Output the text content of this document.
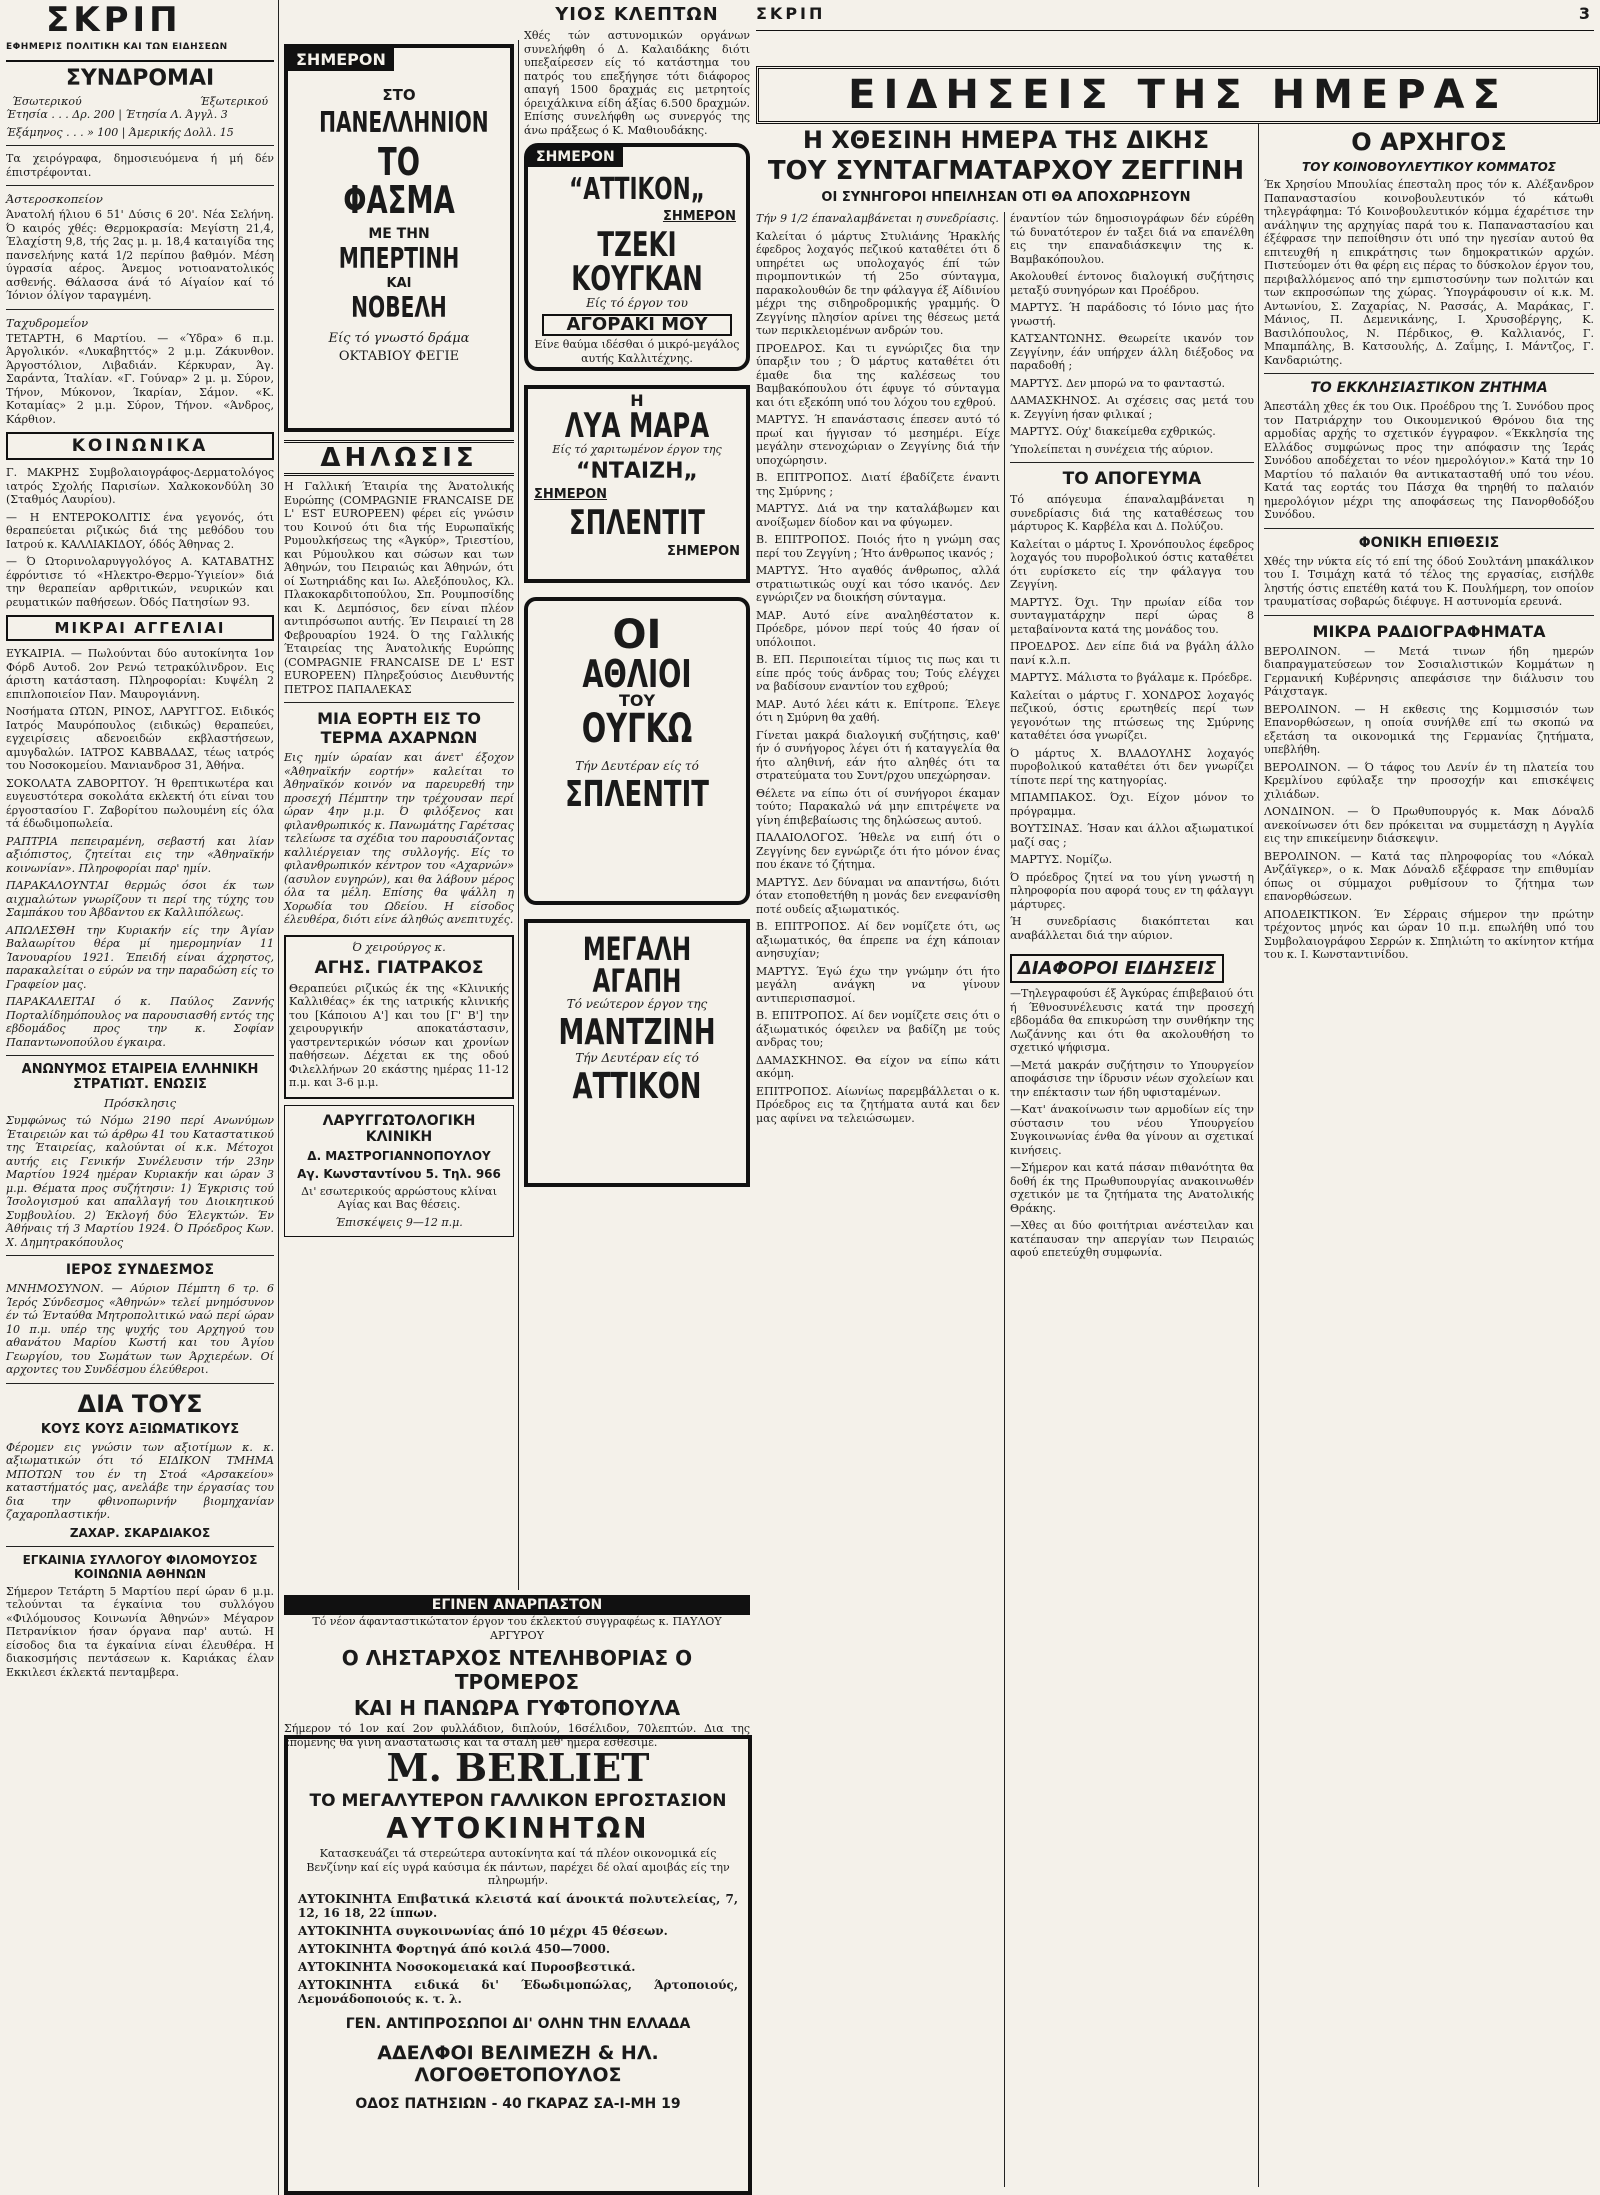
ΣΚΡΙΠ
ΕΦΗΜΕΡΙΣ ΠΟΛΙΤΙΚΗ ΚΑΙ ΤΩΝ ΕΙΔΗΣΕΩΝ
ΣΥΝΔΡΟΜΑΙ
Έσωτερικού	Έξωτερικού
Έτησία . . . Δρ. 200 | Έτησία Λ. Άγγλ. 3
Έξάμηνος . . . » 100 | Άμερικής Δολλ. 15
Τα χειρόγραφα, δημοσιευόμενα ή μή δέν έπιστρέφονται.
Άστεροσκοπείον
Άνατολή ήλιου 6 51' Δύσις 6 20'. Νέα Σελήνη. Ό καιρός χθές: Θερμοκρασία: Μεγίστη 21,4, Έλαχίστη 9,8, τής 2ας μ. μ. 18,4 καταιγίδα της πανσελήνης κατά 1/2 περίπου βαθμόν. Μέση ύγρασία αέρος. Άνεμος νοτιοανατολικός ασθενής. Θάλασσα άνά τό Αίγαίον καί τό Ίόνιον όλίγον ταραγμένη.
Ταχυδρομεΐον
ΤΕΤΑΡΤΗ, 6 Μαρτίου. — «Ύδρα» 6 π.μ. Άργολικόν. «Λυκαβηττός» 2 μ.μ. Ζάκυνθον. Άργοστόλιον, Λιβαδιάν. Κέρκυραν, Άγ. Σαράντα, Ίταλίαν. «Γ. Γούναρ» 2 μ. μ. Σύρον, Τήνον, Μύκονον, Ίκαρίαν, Σάμον. «Κ. Κοταμίας» 2 μ.μ. Σύρον, Τήνον. «Άνδρος, Κάρθιον.
ΚΟΙΝΩΝΙΚΑ
Γ. ΜΑΚΡΗΣ Συμβολαιογράφος-Δερματολόγος ιατρός Σχολής Παρισίων. Χαλκοκονδύλη 30 (Σταθμός Λαυρίου).
— Η ΕΝΤΕΡΟΚΟΛΙΤΙΣ ένα γεγονός, ότι θεραπεύεται ριζικώς διά της μεθόδου του Ιατρού κ. ΚΑΛΛΙΑΚΙΔΟΥ, όδός Άθηνας 2.
— Ό Ωτορινολαρυγγολόγος Α. ΚΑΤΑΒΑΤΗΣ έφρόντισε τό «Ηλεκτρο-Θερμο-Ύγιείον» διά την θεραπείαν αρθριτικών, νευρικών και ρευματικών παθήσεων. Όδός Πατησίων 93.
ΜΙΚΡΑΙ ΑΓΓΕΛΙΑΙ
ΕΥΚΑΙΡΙΑ. — Πωλούνται δύο αυτοκίνητα 1ον Φόρδ Αυτοδ. 2ον Ρενώ τετρακύλινδρον. Εις άριστη κατάσταση. Πληροφορίαι: Κυψέλη 2 επιπλοποιείον Παν. Μαυρογιάννη.
Νοσήματα ΩΤΩΝ, ΡΙΝΟΣ, ΛΑΡΥΓΓΟΣ. Ειδικός Ιατρός Μαυρόπουλος (ειδικώς) θεραπεύει, εγχειρίσεις αδενοειδών εκβλαστήσεων, αμυγδαλών. ΙΑΤΡΟΣ ΚΑΒΒΑΔΑΣ, τέως ιατρός του Νοσοκομείου. Μανιανδροσ 31, Άθήνα.
ΣΟΚΟΛΑΤΑ ΖΑΒΟΡΙΤΟΥ. Ή θρεπτικωτέρα και ευγευστότερα σοκολάτα εκλεκτή ότι είναι του έργοστασίου Γ. Ζαβορίτου πωλουμένη είς όλα τά έδωδιμοπωλεία.
ΡΑΠΤΡΙΑ πεπειραμένη, σεβαστή και λίαν αξιόπιστος, ζητείται εις την «Άθηναϊκήν κοινωνίαν». Πληροφορίαι παρ' ημίν.
ΠΑΡΑΚΑΛΟΥΝΤΑΙ θερμώς όσοι έκ των αιχμαλώτων γνωρίζουν τι περί της τύχης του Σαμπάκου του Άβδαντου εκ Καλλιπόλεως.
ΑΠΩΛΕΣΘΗ την Κυριακήν είς την Άγίαν Βαλαωρίτου θέρα μί ημερομηνίαν 11 Ίανουαρίου 1921. Έπειδή είναι άχρηστος, παρακαλείται ο εύρών να την παραδώση είς το Γραφείον μας.
ΠΑΡΑΚΑΛΕΙΤΑΙ ό κ. Παύλος Ζαννής Πορταλίδημόπουλος να παρουσιασθή εντός της εβδομάδος προς την κ. Σοφίαν Παπαντωνοπούλου έγκαιρα.
ΑΝΩΝΥΜΟΣ ΕΤΑΙΡΕΙΑ ΕΛΛΗΝΙΚΗ ΣΤΡΑΤΙΩΤ. ΕΝΩΣΙΣ
Πρόσκλησις
Συμφώνως τώ Νόμω 2190 περί Ανωνύμων Έταιρειών και τώ άρθρω 41 του Καταστατικού της Έταιρείας, καλούνται οί κ.κ. Μέτοχοι αυτής εις Γενικήν Συνέλευσιν τήν 23ην Μαρτίου 1924 ημέραν Κυριακήν και ώραν 3 μ.μ. Θέματα προς συζήτησιν: 1) Έγκρισις τού Ίσολογισμού και απαλλαγή του Διοικητικού Συμβουλίου. 2) Έκλογή δύο Έλεγκτών. Έν Άθήναις τή 3 Μαρτίου 1924. Ό Πρόεδρος Κων. Χ. Δημητρακόπουλος
ΙΕΡΟΣ ΣΥΝΔΕΣΜΟΣ
ΜΝΗΜΟΣΥΝΟΝ. — Αύριον Πέμπτη 6 τρ. 6 Ίερός Σύνδεσμος «Άθηνών» τελεί μνημόσυνον έν τώ Ένταύθα Μητροπολιτικώ ναώ περί ώραν 10 π.μ. υπέρ της ψυχής του Αρχηγού του αθανάτου Μαρίου Κωστή και του Άγίου Γεωργίου, του Σωμάτων των Άρχιερέων. Οί αρχοντες του Συνδέσμου έλεύθεροι.
ΔΙΑ ΤΟΥΣ
ΚΟΥΣ ΚΟΥΣ ΑΞΙΩΜΑΤΙΚΟΥΣ
Φέρομεν εις γνώσιν των αξιοτίμων κ. κ. αξιωματικών ότι τό ΕΙΔΙΚΟΝ ΤΜΗΜΑ ΜΠΟΤΩΝ του έν τη Στοά «Αρσακείου» καταστήματός μας, ανελάβε την έργασίας του δια την φθινοπωρινήν βιομηχανίαν ζαχαροπλαστικήν.
ΖΑΧΑΡ. ΣΚΑΡΔΙΑΚΟΣ
ΕΓΚΑΙΝΙΑ ΣΥΛΛΟΓΟΥ ΦΙΛΟΜΟΥΣΟΣ ΚΟΙΝΩΝΙΑ ΑΘΗΝΩΝ
Σήμερον Τετάρτη 5 Μαρτίου περί ώραν 6 μ.μ. τελούνται τα έγκαίνια του συλλόγου «Φιλόμουσος Κοινωνία Άθηνών» Μέγαρον Πετρανίκιον ήσαν όργανα παρ' αυτώ. Η είσοδος δια τα έγκαίνια είναι έλευθέρα. Η διακοσμήσις πεντάσεων κ. Καριάκας έλαν Εκκιλεσι έκλεκτά πενταμβερα.
ΣΗΜΕΡΟΝ
ΣΤΟ
ΠΑΝΕΛΛΗΝΙΟΝ
ΤΟ ΦΑΣΜΑ
ΜΕ ΤΗΝ
ΜΠΕΡΤΙΝΗ
ΚΑΙ
ΝΟΒΕΛΗ
Είς τό γνωστό δράμα
ΟΚΤΑΒΙΟΥ ΦΕΓΙΕ
ΔΗΛΩΣΙΣ
Η Γαλλική Έταιρία της Άνατολικής Ευρώπης (COMPAGNIE FRANCAISE DE L' EST EUROPEEN) φέρει είς γνώσιν του Κοινού ότι δια τής Ευρωπαϊκής Ρυμουλκήσεως της «Άγκύρ», Τριεστίου, και Ρύμουλκου και σώσων και των Άθηνών, του Πειραιώς και Άθηνών, ότι οί Σωτηριάδης και Ιω. Αλεξόπουλος, Κλ. Πλακοκαρδιτοπούλου, Σπ. Ρουμποσίδης και Κ. Δεμπόσιος, δεν είναι πλέον αντιπρόσωποι αυτής. Έν Πειραιεί τη 28 Φεβρουαρίου 1924. Ό της Γαλλικής Έταιρείας της Άνατολικής Ευρώπης (COMPAGNIE FRANCAISE DE L' EST EUROPEEN) Πληρεξούσιος Διευθυντής ΠΕΤΡΟΣ ΠΑΠΑΛΕΚΑΣ
ΜΙΑ ΕΟΡΤΗ ΕΙΣ ΤΟ ΤΕΡΜΑ ΑΧΑΡΝΩΝ
Εις ημίν ώραίαν και άνετ' έξοχον «Άθηναϊκήν εορτήν» καλείται το Άθηναϊκόν κοινόν να παρευρεθή την προσεχή Πέμπτην την τρέχουσαν περί ώραν 4ην μ.μ. Ό φιλόξενος και φιλανθρωπικός κ. Πανωμάτης Γαρέτσας τελείωσε τα σχέδια του παρουσιάζοντας καλλιέργειαν της συλλογής. Είς το φιλανθρωπικόν κέντρον του «Αχαρνών» (ασυλον ευγηρών), και θα λάβουν μέρος όλα τα μέλη. Επίσης θα ψάλλη η Χορωδία του Ωδείου. Η είσοδος έλευθέρα, διότι είνε άληθώς ανεπιτυχές.
Ό χειρούργος κ.
ΑΓΗΣ. ΓΙΑΤΡΑΚΟΣ
Θεραπεύει ριζικώς έκ της «Κλινικής Καλλιθέας» έκ της ιατρικής κλινικής του [Κάποιου Α'] και του [Γ' Β'] την χειρουργικήν αποκατάστασιν, γαστρεντερικών νόσων και χρονίων παθήσεων. Δέχεται εκ της οδού Φιλελλήνων 20 εκάστης ημέρας 11-12 π.μ. και 3-6 μ.μ.
ΛΑΡΥΓΓΩΤΟΛΟΓΙΚΗ ΚΛΙΝΙΚΗ
Δ. ΜΑΣΤΡΟΓΙΑΝΝΟΠΟΥΛΟΥ
Αγ. Κωνσταντίνου 5. Τηλ. 966
Δι' εσωτερικούς αρρώστους κλίναι Αγίας και Βας θέσεις.
Έπισκέψεις 9—12 π.μ.
ΥΙΟΣ ΚΛΕΠΤΩΝ
Χθές τών αστυνομικών οργάνων συνελήφθη ό Δ. Καλαιδάκης διότι υπεξαίρεσεν είς τό κατάστημα του πατρός του επεξήγησε τότι διάφορος απαγή 1500 δραχμάς εις μετρητοίς όρειχάλκινα είδη άξίας 6.500 δραχμών. Επίσης συνελήφθη ως συνεργός της άνω πράξεως ό Κ. Μαθιουδάκης.
ΣΗΜΕΡΟΝ
“ΑΤΤΙΚΟΝ„
ΣΗΜΕΡΟΝ
ΤΖΕΚΙ ΚΟΥΓΚΑΝ
Είς τό έργον του
ΑΓΟΡΑΚΙ ΜΟΥ
Είνε θαύμα ιδέσθαι ό μικρό-μεγάλος αυτής Καλλιτέχνης.
Η
ΛΥΑ ΜΑΡΑ
Είς τό χαριτωμένον έργον της
“ΝΤΑΙΖΗ„
ΣΗΜΕΡΟΝ
ΣΠΛΕΝΤΙΤ
ΣΗΜΕΡΟΝ
ΟΙ
ΑΘΛΙΟΙ
ΤΟΥ
ΟΥΓΚΩ
Τήν Δευτέραν είς τό
ΣΠΛΕΝΤΙΤ
ΜΕΓΑΛΗ
ΑΓΑΠΗ
Τό νεώτερον έργον της
ΜΑΝΤΖΙΝΗ
Τήν Δευτέραν είς τό
ΑΤΤΙΚΟΝ
ΕΓΙΝΕΝ ΑΝΑΡΠΑΣΤΟΝ
Τό νέον άφανταστικώτατον έργον του έκλεκτού συγγραφέως κ. ΠΑΥΛΟΥ ΑΡΓΥΡΟΥ
Ο ΛΗΣΤΑΡΧΟΣ ΝΤΕΛΗΒΟΡΙΑΣ Ο ΤΡΟΜΕΡΟΣ
ΚΑΙ Η ΠΑΝΩΡΑ ΓΥΦΤΟΠΟΥΛΑ
Σήμερον τό 1ον καί 2ον φυλλάδιον, διπλούν, 16σέλιδον, 70λεπτών. Δια της έπομένης θα γίνη άναστάτωσις και τα σταλή μεθ' ημέρα έσθεσιμε.
M. BERLIET
ΤΟ ΜΕΓΑΛΥΤΕΡΟΝ ΓΑΛΛΙΚΟΝ ΕΡΓΟΣΤΑΣΙΟΝ
ΑΥΤΟΚΙΝΗΤΩΝ
Κατασκευάζει τά στερεώτερα αυτοκίνητα καί τά πλέον οικονομικά είς Βενζίνην καί είς υγρά καύσιμα έκ πάντων, παρέχει δέ ολαί αμοιβάς είς την πληρωμήν.
ΑΥΤΟΚΙΝΗΤΑ Επιβατικά κλειστά καί άνοικτά πολυτελείας, 7, 12, 16 18, 22 ίππων.
ΑΥΤΟΚΙΝΗΤΑ συγκοινωνίας άπό 10 μέχρι 45 θέσεων.
ΑΥΤΟΚΙΝΗΤΑ Φορτηγά άπό κοιλά 450—7000.
ΑΥΤΟΚΙΝΗΤΑ Νοσοκομειακά καί Πυροσβεστικά.
ΑΥΤΟΚΙΝΗΤΑ ειδικά δι' Έδωδιμοπώλας, Άρτοποιούς, Λεμονάδοποιούς κ. τ. λ.
ΓΕΝ. ΑΝΤΙΠΡΟΣΩΠΟΙ ΔΙ' ΟΛΗΝ ΤΗΝ ΕΛΛΑΔΑ
ΑΔΕΛΦΟΙ ΒΕΛΙΜΕΖΗ & ΗΛ. ΛΟΓΟΘΕΤΟΠΟΥΛΟΣ
ΟΔΟΣ ΠΑΤΗΣΙΩΝ - 40 ΓΚΑΡΑΖ ΣΑ-Ι-ΜΗ 19
ΣΚΡΙΠ	3
ΕΙΔΗΣΕΙΣ ΤΗΣ ΗΜΕΡΑΣ
Η ΧΘΕΣΙΝΗ ΗΜΕΡΑ ΤΗΣ ΔΙΚΗΣ
ΤΟΥ ΣΥΝΤΑΓΜΑΤΑΡΧΟΥ ΖΕΓΓΙΝΗ
ΟΙ ΣΥΝΗΓΟΡΟΙ ΗΠΕΙΛΗΣΑΝ ΟΤΙ ΘΑ ΑΠΟΧΩΡΗΣΟΥΝ
Τήν 9 1/2 έπαναλαμβάνεται η συνεδρίασις.
Καλείται ό μάρτυς Στυλιάνης Ήρακλής έφεδρος λοχαγός πεζικού καταθέτει ότι δ υπηρέτει ως υπολοχαγός έπί τών πιρομποντικών τή 25ο σύνταγμα, παρακολουθών δε την φάλαγγα έξ Αίδινίου μέχρι της σιδηροδρομικής γραμμής. Ό Ζεγγίνης πλησίον αρίνει της θέσεως μετά των περικλειομένων ανδρών του.
ΠΡΟΕΔΡΟΣ. Και τι εγνώριζες δια την ύπαρξιν του ; Ό μάρτυς καταθέτει ότι έμαθε δια της καλέσεως του Βαμβακόπουλου ότι έφυγε τό σύνταγμα και ότι εξεκόπη υπό του λόχου του εχθρού.
ΜΑΡΤΥΣ. Ή επανάστασις έπεσεν αυτό τό πρωί και ήγγισαν τό μεσημέρι. Είχε μεγάλην στενοχώριαν ο Ζεγγίνης διά τήν υποχώρησιν.
Β. ΕΠΙΤΡΟΠΟΣ. Διατί έβαδίζετε έναντι της Σμύρνης ;
ΜΑΡΤΥΣ. Διά να την καταλάβωμεν και ανοίξωμεν δίοδον και να φύγωμεν.
Β. ΕΠΙΤΡΟΠΟΣ. Ποιός ήτο η γνώμη σας περί του Ζεγγίνη ; Ήτο άνθρωπος ικανός ;
ΜΑΡΤΥΣ. Ήτο αγαθός άνθρωπος, αλλά στρατιωτικώς ουχί και τόσο ικανός. Δεν εγνώριζεν να διοικήση σύνταγμα.
ΜΑΡ. Αυτό είνε αναληθέστατον κ. Πρόεδρε, μόνον περί τούς 40 ήσαν οί υπόλοιποι.
Β. ΕΠ. Περιποιείται τίμιος τις πως και τι είπε πρός τούς άνδρας του; Τούς ελέγχει να βαδίσουν εναντίον του εχθρού;
ΜΑΡ. Αυτό λέει κάτι κ. Επίτροπε. Έλεγε ότι η Σμύρνη θα χαθή.
Γίνεται μακρά διαλογική συζήτησις, καθ' ήν ό συνήγορος λέγει ότι ή καταγγελία θα ήτο αληθινή, εάν ήτο αληθές ότι τα στρατεύματα του Συντ/ρχου υπεχώρησαν.
Θέλετε να είπω ότι οί συνήγοροι έκαμαν τούτο; Παρακαλώ νά μην επιτρέψετε να γίνη έπιβεβαίωσις της δηλώσεως αυτού.
ΠΑΛΑΙΟΛΟΓΟΣ. Ήθελε να ειπή ότι ο Ζεγγίνης δεν εγνώριζε ότι ήτο μόνον ένας που έκανε τό ζήτημα.
ΜΑΡΤΥΣ. Δεν δύναμαι να απαντήσω, διότι όταν ετοποθετήθη η μονάς δεν ενεφανίσθη ποτέ ουδείς αξιωματικός.
Β. ΕΠΙΤΡΟΠΟΣ. Αί δεν νομίζετε ότι, ως αξιωματικός, θα έπρεπε να έχη κάποιαν ανησυχίαν;
ΜΑΡΤΥΣ. Έγώ έχω την γνώμην ότι ήτο μεγάλη ανάγκη να γίνουν αντιπερισπασμοί.
Β. ΕΠΙΤΡΟΠΟΣ. Αί δεν νομίζετε σεις ότι ο άξιωματικός όφειλεν να βαδίζη με τούς ανδρας του;
ΔΑΜΑΣΚΗΝΟΣ. Θα είχον να είπω κάτι ακόμη.
ΕΠΙΤΡΟΠΟΣ. Αίωνίως παρεμβάλλεται ο κ. Πρόεδρος εις τα ζητήματα αυτά και δεν μας αφίνει να τελειώσωμεν.
έναντίον τών δημοσιογράφων δέν εύρέθη τώ δυνατότερον έν ταξει διά να επανέλθη εις την επαναδιάσκεψιν της κ. Βαμβακόπουλου.
Ακολουθεί έντονος διαλογική συζήτησις μεταξύ συνηγόρων και Προέδρου.
ΜΑΡΤΥΣ. Ή παράδοσις τό Ιόνιο μας ήτο γνωστή.
ΚΑΤΣΑΝΤΩΝΗΣ. Θεωρείτε ικανόν τον Ζεγγίνην, έάν υπήρχεν άλλη διέξοδος να παραδοθή ;
ΜΑΡΤΥΣ. Δεν μπορώ να το φανταστώ.
ΔΑΜΑΣΚΗΝΟΣ. Αι σχέσεις σας μετά του κ. Ζεγγίνη ήσαν φιλικαί ;
ΜΑΡΤΥΣ. Ούχ' διακείμεθα εχθρικώς.
Ύπολείπεται η συνέχεια τής αύριον.
ΤΟ ΑΠΟΓΕΥΜΑ
Τό απόγευμα έπαναλαμβάνεται η συνεδρίασις διά της καταθέσεως του μάρτυρος Κ. Καρβέλα και Δ. Πολύζου.
Καλείται ο μάρτυς Ι. Χρονόπουλος έφεδρος λοχαγός του πυροβολικού όστις καταθέτει ότι ευρίσκετο είς την φάλαγγα του Ζεγγίνη.
ΜΑΡΤΥΣ. Όχι. Την πρωίαν είδα τον συνταγματάρχην περί ώρας 8 μεταβαίνοντα κατά της μονάδος του.
ΠΡΟΕΔΡΟΣ. Δεν είπε διά να βγάλη άλλο πανί κ.λ.π.
ΜΑΡΤΥΣ. Μάλιστα το βγάλαμε κ. Πρόεδρε.
Καλείται ο μάρτυς Γ. ΧΟΝΔΡΟΣ λοχαγός πεζικού, όστις ερωτηθείς περί των γεγονότων της πτώσεως της Σμύρνης καταθέτει όσα γνωρίζει.
Ό μάρτυς Χ. ΒΛΑΔΟΥΛΗΣ λοχαγός πυροβολικού καταθέτει ότι δεν γνωρίζει τίποτε περί της κατηγορίας.
ΜΠΑΜΠΑΚΟΣ. Όχι. Είχον μόνον το πρόγραμμα.
ΒΟΥΤΣΙΝΑΣ. Ήσαν και άλλοι αξιωματικοί μαζί σας ;
ΜΑΡΤΥΣ. Νομίζω.
Ό πρόεδρος ζητεί να του γίνη γνωστή η πληροφορία που αφορά τους εν τη φάλαγγι μάρτυρες.
Ή συνεδρίασις διακόπτεται και αναβάλλεται διά την αύριον.
ΔΙΑΦΟΡΟΙ ΕΙΔΗΣΕΙΣ
—Τηλεγραφούσι έξ Άγκύρας έπιβεβαιού ότι ή Έθνοσυνέλευσις κατά την προσεχή εβδομάδα θα επικυρώση την συνθήκην της Λωζάννης και ότι θα ακολουθήση το σχετικό ψήφισμα.
—Μετά μακράν συζήτησιν το Υπουργείον αποφάσισε την ίδρυσιν νέων σχολείων και την επέκτασιν των ήδη υφισταμένων.
—Κατ' άνακοίνωσιν των αρμοδίων είς την σύστασιν του νέου Υπουργείου Συγκοινωνίας ένθα θα γίνουν αι σχετικαί κινήσεις.
—Σήμερον και κατά πάσαν πιθανότητα θα δοθή έκ της Πρωθυπουργίας ανακοινωθέν σχετικόν με τα ζητήματα της Ανατολικής Θράκης.
—Χθες αι δύο φοιτήτριαι ανέστειλαν και κατέπαυσαν την απεργίαν των Πειραιώς αφού επετεύχθη συμφωνία.
Ο ΑΡΧΗΓΟΣ
ΤΟΥ ΚΟΙΝΟΒΟΥΛΕΥΤΙΚΟΥ ΚΟΜΜΑΤΟΣ
Έκ Χρησίου Μπουλίας έπεσταλη προς τόν κ. Αλέξανδρον Παπαναστασίου κοινοβουλευτικόν τό κάτωθι τηλεγράφημα: Τό Κοινοβουλευτικόν κόμμα έχαρέτισε την ανάληψιν της αρχηγίας παρά του κ. Παπαναστασίου και έξέφρασε την πεποίθησιν ότι υπό την ηγεσίαν αυτού θα επιτευχθή η επικράτησις των δημοκρατικών αρχών. Πιστεύομεν ότι θα φέρη εις πέρας το δύσκολον έργον του, περιβαλλόμενος από την εμπιστοσύνην των πολιτών και των εκπροσώπων της χώρας. Ύπογράφουσιν οί κ.κ. Μ. Αντωνίου, Σ. Ζαχαρίας, Ν. Ρασσάς, Α. Μαράκας, Γ. Μάνιος, Π. Δεμενικάνης, Ι. Χρυσοβέργης, Κ. Βασιλόπουλος, Ν. Πέρδικος, Θ. Καλλιανός, Γ. Μπαμπάλης, Β. Κατσουλής, Δ. Ζαΐμης, Ι. Μάντζος, Γ. Κανδαριώτης.
ΤΟ ΕΚΚΛΗΣΙΑΣΤΙΚΟΝ ΖΗΤΗΜΑ
Άπεστάλη χθες έκ του Οικ. Προέδρου της Ί. Συνόδου προς τον Πατριάρχην του Οικουμενικού Θρόνου δια της αρμοδίας αρχής το σχετικόν έγγραφον. «Έκκλησία της Ελλάδος συμφώνως προς την απόφασιν της Ίεράς Συνόδου αποδέχεται το νέον ημερολόγιον.» Κατά την 10 Μαρτίου τό παλαιόν θα αντικατασταθή υπό του νέου. Κατά τας εορτάς του Πάσχα θα τηρηθή το παλαιόν ημερολόγιον μέχρι της αποφάσεως της Πανορθοδόξου Συνόδου.
ΦΟΝΙΚΗ ΕΠΙΘΕΣΙΣ
Χθές την νύκτα είς τό επί της όδού Σουλτάνη μπακάλικον του Ι. Τσιμάχη κατά τό τέλος της εργασίας, εισήλθε ληστής όστις επετέθη κατά του Κ. Πουλήμερη, τον οποίον τραυματίσας σοβαρώς διέφυγε. Η αστυνομία ερευνά.
ΜΙΚΡΑ ΡΑΔΙΟΓΡΑΦΗΜΑΤΑ
ΒΕΡΟΛΙΝΟΝ. — Μετά τινων ήδη ημερών διαπραγματεύσεων τον Σοσιαλιστικών Κομμάτων η Γερμανική Κυβέρνησις απεφάσισε την διάλυσιν του Ράιχσταγκ.
ΒΕΡΟΛΙΝΟΝ. — Η εκθεσις της Κομμισσιόν των Επανορθώσεων, η οποία συνήλθε επί τω σκοπώ να εξετάση τα οικονομικά της Γερμανίας ζητήματα, υπεβλήθη.
ΒΕΡΟΛΙΝΟΝ. — Ό τάφος του Λενίν έν τη πλατεία του Κρεμλίνου εφύλαξε την προσοχήν και επισκέψεις χιλιάδων.
ΛΟΝΔΙΝΟΝ. — Ό Πρωθυπουργός κ. Μακ Δόναλδ ανεκοίνωσεν ότι δεν πρόκειται να συμμετάσχη η Αγγλία εις την επικείμενην διάσκεψιν.
ΒΕΡΟΛΙΝΟΝ. — Κατά τας πληροφορίας του «Λόκαλ Ανζάϊγκερ», ο κ. Μακ Δόναλδ εξέφρασε την επιθυμίαν όπως οι σύμμαχοι ρυθμίσουν το ζήτημα των επανορθώσεων.
ΑΠΟΔΕΙΚΤΙΚΟΝ. Έν Σέρραις σήμερον την πρώτην τρέχοντος μηνός και ώραν 10 π.μ. επωλήθη υπό του Συμβολαιογράφου Σερρών κ. Σπηλιώτη το ακίνητον κτήμα του κ. Ι. Κωνσταντινίδου.
